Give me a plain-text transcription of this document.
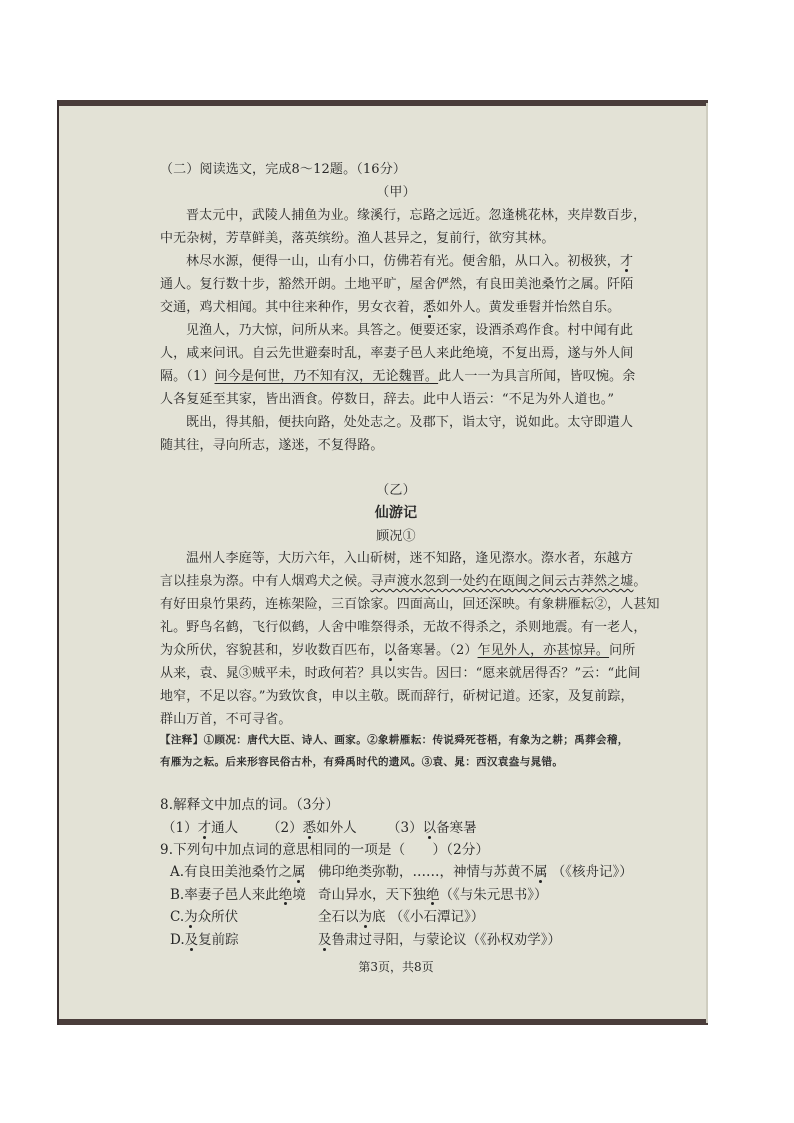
（二）阅读选文，完成8～12题。（16分）
（甲）
晋太元中，武陵人捕鱼为业。缘溪行，忘路之远近。忽逢桃花林，夹岸数百步，
中无杂树，芳草鲜美，落英缤纷。渔人甚异之，复前行，欲穷其林。
林尽水源，便得一山，山有小口，仿佛若有光。便舍船，从口入。初极狭，才
通人。复行数十步，豁然开朗。土地平旷，屋舍俨然，有良田美池桑竹之属。阡陌
交通，鸡犬相闻。其中往来种作，男女衣着，悉如外人。黄发垂髫并怡然自乐。
见渔人，乃大惊，问所从来。具答之。便要还家，设酒杀鸡作食。村中闻有此
人，咸来问讯。自云先世避秦时乱，率妻子邑人来此绝境，不复出焉，遂与外人间
隔。（1）问今是何世，乃不知有汉，无论魏晋。此人一一为具言所闻，皆叹惋。余
人各复延至其家，皆出酒食。停数日，辞去。此中人语云：“不足为外人道也。”
既出，得其船，便扶向路，处处志之。及郡下，诣太守，说如此。太守即遣人
随其往，寻向所志，遂迷，不复得路。
（乙）
仙游记
顾况①
温州人李庭等，大历六年，入山斫树，迷不知路，逢见漈水。漈水者，东越方
言以挂泉为漈。中有人烟鸡犬之候。寻声渡水忽到一处约在瓯闽之间云古莽然之墟。
有好田泉竹果药，连栋架险，三百馀家。四面高山，回还深映。有象耕雁耘②，人甚知
礼。野鸟名鹤，飞行似鹤，人舍中唯祭得杀，无故不得杀之，杀则地震。有一老人，
为众所伏，容貌甚和，岁收数百匹布，以备寒暑。（2）乍见外人，亦甚惊异。问所
从来，袁、晁③贼平未，时政何若？具以实告。因曰：“愿来就居得否？”云：“此间
地窄，不足以容。”为致饮食，申以主敬。既而辞行，斫树记道。还家，及复前踪，
群山万首，不可寻省。
【注释】①顾况：唐代大臣、诗人、画家。②象耕雁耘：传说舜死苍梧，有象为之耕；禹葬会稽，
有雁为之耘。后来形容民俗古朴，有舜禹时代的遗风。③袁、晁：西汉袁盎与晁错。
8.解释文中加点的词。（3分）
（1）才通人 （2）悉如外人 （3）以备寒暑
9.下列句中加点词的意思相同的一项是（　　）（2分）
A.有良田美池桑竹之属 佛印绝类弥勒，……，神情与苏黄不属 （《核舟记》）
B.率妻子邑人来此绝境 奇山异水，天下独绝（《与朱元思书》）
C.为众所伏	全石以为底 （《小石潭记》）
D.及复前踪	及鲁肃过寻阳，与蒙论议（《孙权劝学》）
第3页，共8页
